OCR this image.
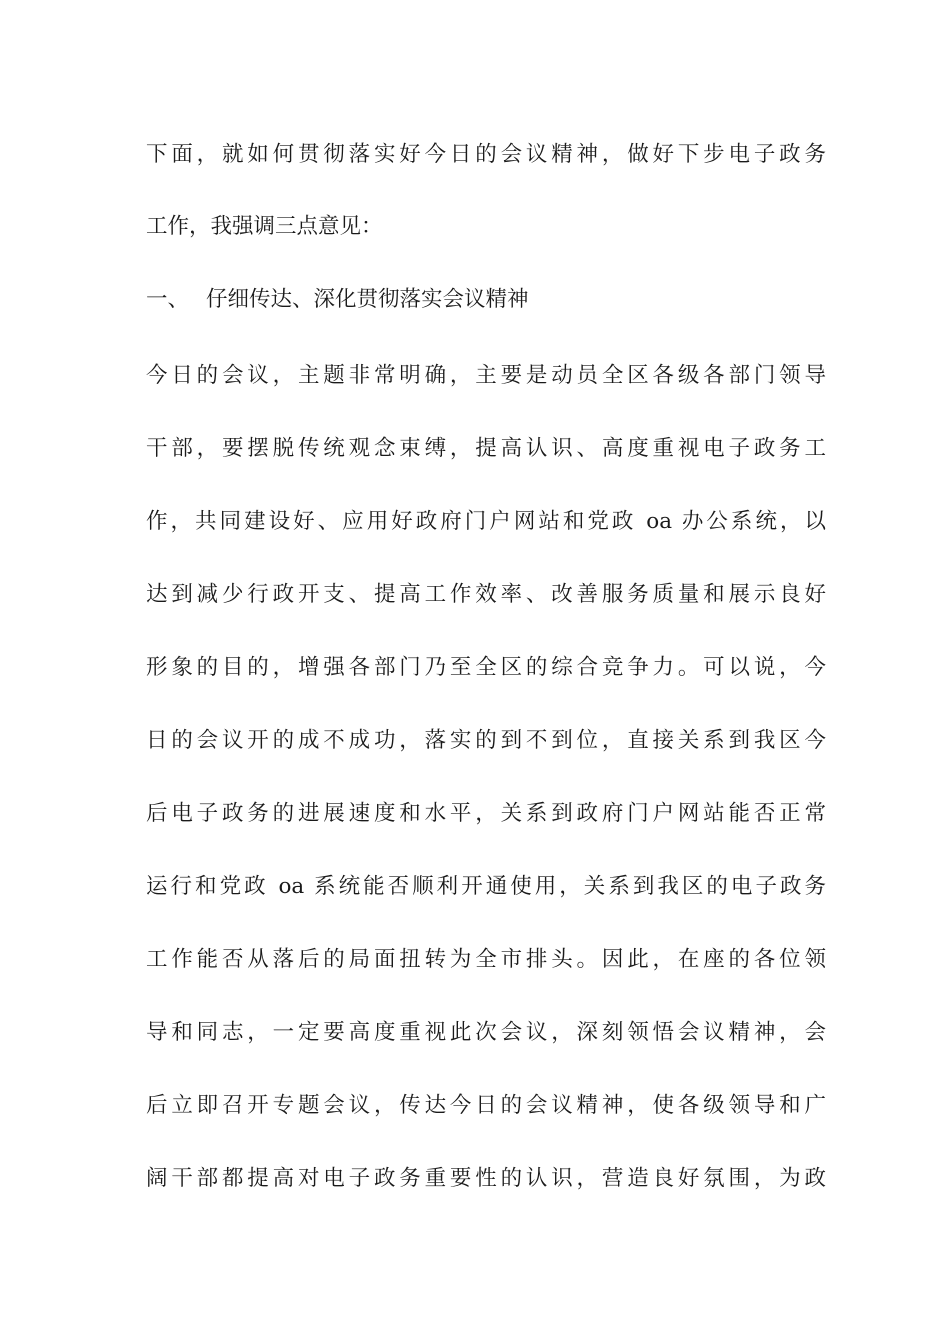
下面，就如何贯彻落实好今日的会议精神，做好下步电子政务
工作，我强调三点意见：
一、 仔细传达、深化贯彻落实会议精神
今日的会议，主题非常明确，主要是动员全区各级各部门领导
干部，要摆脱传统观念束缚，提高认识、高度重视电子政务工
作，共同建设好、应用好政府门户网站和党政 oa 办公系统，以
达到减少行政开支、提高工作效率、改善服务质量和展示良好
形象的目的，增强各部门乃至全区的综合竞争力。可以说，今
日的会议开的成不成功，落实的到不到位，直接关系到我区今
后电子政务的进展速度和水平，关系到政府门户网站能否正常
运行和党政 oa 系统能否顺利开通使用，关系到我区的电子政务
工作能否从落后的局面扭转为全市排头。因此，在座的各位领
导和同志，一定要高度重视此次会议，深刻领悟会议精神，会
后立即召开专题会议，传达今日的会议精神，使各级领导和广
阔干部都提高对电子政务重要性的认识，营造良好氛围，为政
